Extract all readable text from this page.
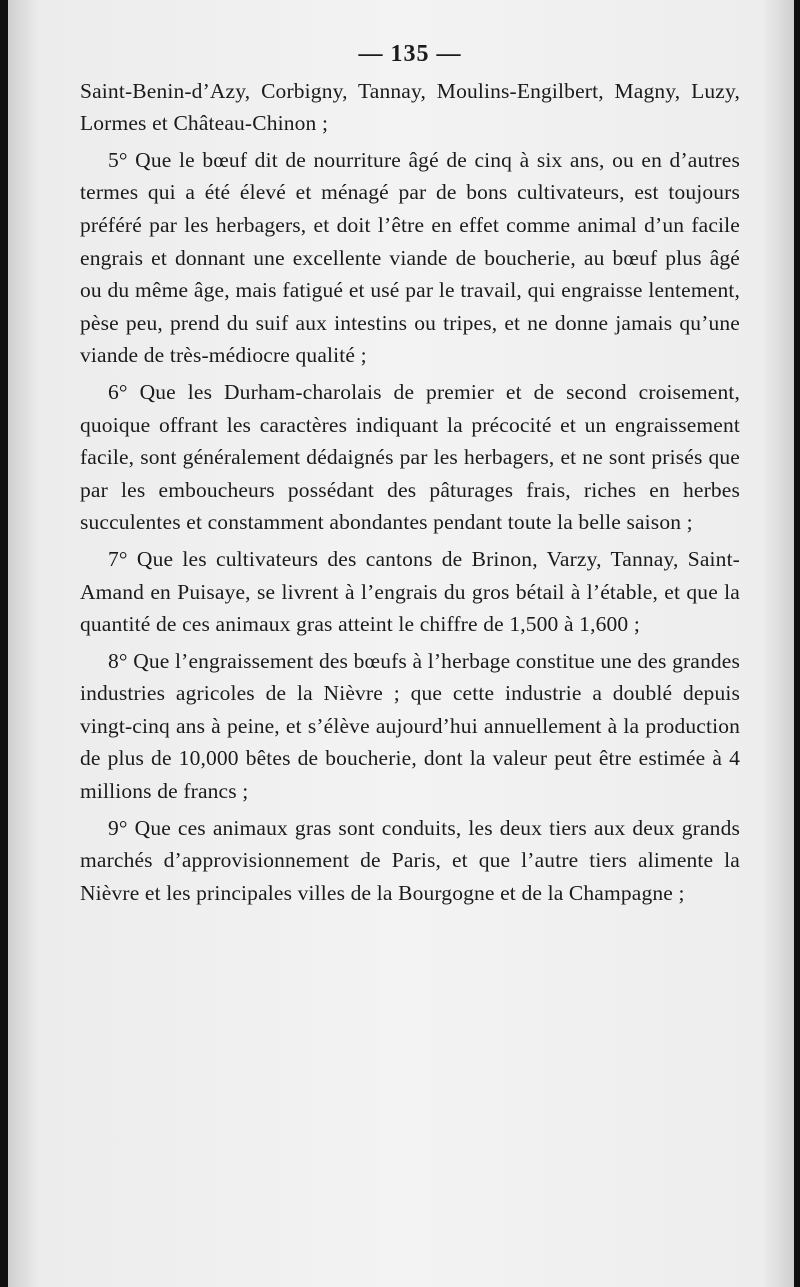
— 135 —

Saint-Benin-d’Azy, Corbigny, Tannay, Moulins-Engilbert, Magny, Luzy, Lormes et Château-Chinon ;

5° Que le bœuf dit de nourriture âgé de cinq à six ans, ou en d’autres termes qui a été élevé et ménagé par de bons cultivateurs, est toujours préféré par les herbagers, et doit l’être en effet comme animal d’un facile engrais et donnant une excellente viande de boucherie, au bœuf plus âgé ou du même âge, mais fatigué et usé par le travail, qui engraisse lentement, pèse peu, prend du suif aux intestins ou tripes, et ne donne jamais qu’une viande de très-médiocre qualité ;

6° Que les Durham-charolais de premier et de second croisement, quoique offrant les caractères indiquant la précocité et un engraissement facile, sont généralement dédaignés par les herbagers, et ne sont prisés que par les emboucheurs possédant des pâturages frais, riches en herbes succulentes et constamment abondantes pendant toute la belle saison ;

7° Que les cultivateurs des cantons de Brinon, Varzy, Tannay, Saint-Amand en Puisaye, se livrent à l’engrais du gros bétail à l’étable, et que la quantité de ces animaux gras atteint le chiffre de 1,500 à 1,600 ;

8° Que l’engraissement des bœufs à l’herbage constitue une des grandes industries agricoles de la Nièvre ; que cette industrie a doublé depuis vingt-cinq ans à peine, et s’élève aujourd’hui annuellement à la production de plus de 10,000 bêtes de boucherie, dont la valeur peut être estimée à 4 millions de francs ;

9° Que ces animaux gras sont conduits, les deux tiers aux deux grands marchés d’approvisionnement de Paris, et que l’autre tiers alimente la Nièvre et les principales villes de la Bourgogne et de la Champagne ;
